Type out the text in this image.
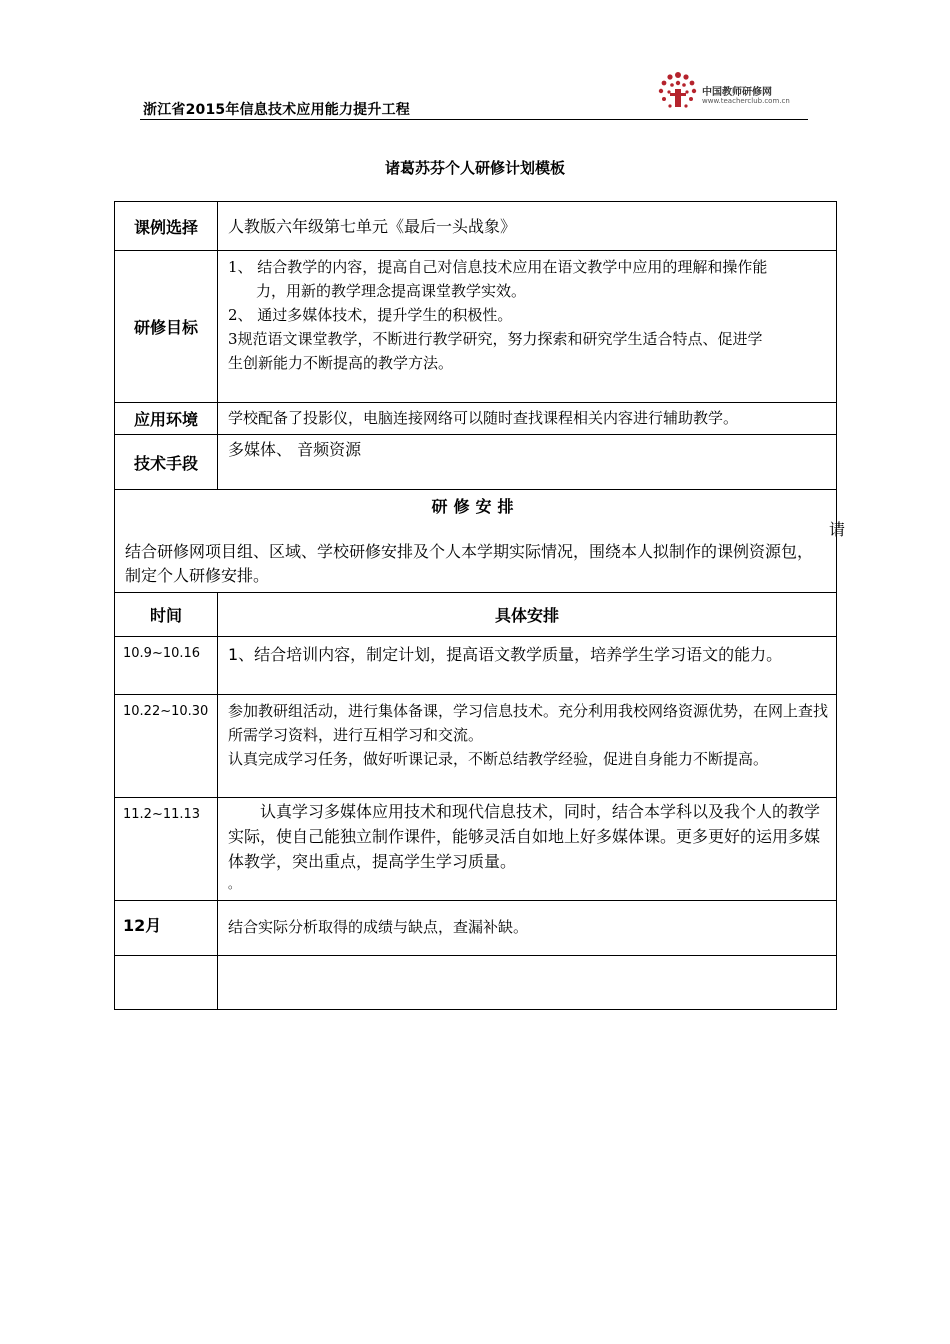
浙江省2015年信息技术应用能力提升工程
中国教师研修网
www.teacherclub.com.cn
诸葛苏芬个人研修计划模板
课例选择	人教版六年级第七单元《最后一头战象》
研修目标	1、 结合教学的内容，提高自己对信息技术应用在语文教学中应用的理解和操作能

力，用新的教学理念提高课堂教学实效。

2、 通过多媒体技术，提升学生的积极性。

3规范语文课堂教学，不断进行教学研究，努力探索和研究学生适合特点、促进学

生创新能力不断提高的教学方法。

应用环境	学校配备了投影仪，电脑连接网络可以随时查找课程相关内容进行辅助教学。
技术手段	多媒体、 音频资源

研修安排
请
结合研修网项目组、区域、学校研修安排及个人本学期实际情况，围绕本人拟制作的课例资源包，制定个人研修安排。	

时间	具体安排
10.9~10.16	1、结合培训内容，制定计划，提高语文教学质量，培养学生学习语文的能力。
10.22~10.30	参加教研组活动，进行集体备课，学习信息技术。充分利用我校网络资源优势，在网上查找所需学习资料，进行互相学习和交流。

认真完成学习任务，做好听课记录，不断总结教学经验，促进自身能力不断提高。

11.2~11.13	认真学习多媒体应用技术和现代信息技术，同时，结合本学科以及我个人的教学实际，使自己能独立制作课件，能够灵活自如地上好多媒体课。更多更好的运用多媒体教学，突出重点，提高学生学习质量。

。

12月	结合实际分析取得的成绩与缺点，查漏补缺。
